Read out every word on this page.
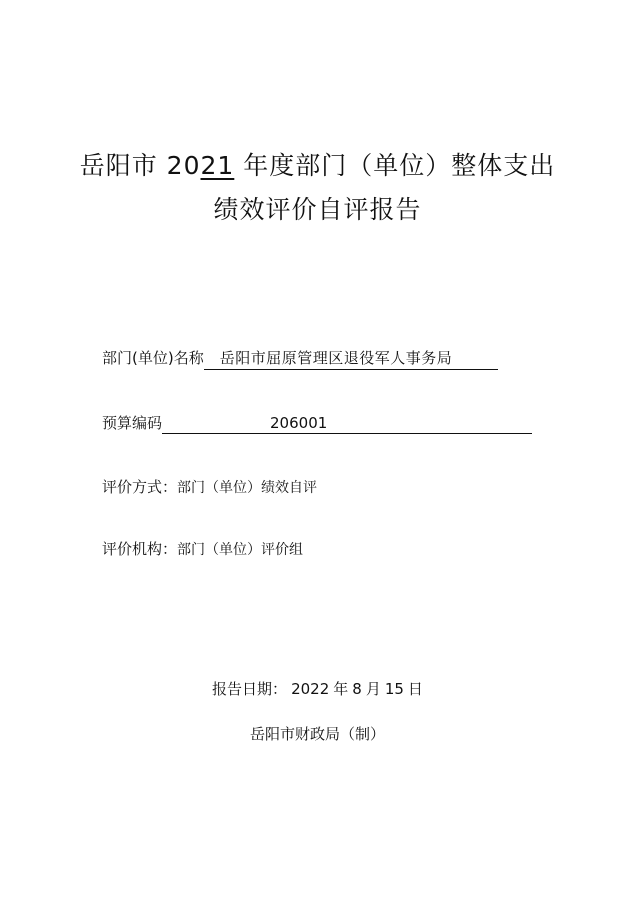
岳阳市 2021 年度部门（单位）整体支出
绩效评价自评报告
部门(单位)名称 岳阳市屈原管理区退役军人事务局
预算编码	206001
评价方式：部门（单位）绩效自评
评价机构：部门（单位）评价组
报告日期： 2022 年 8 月 15 日
岳阳市财政局（制）
